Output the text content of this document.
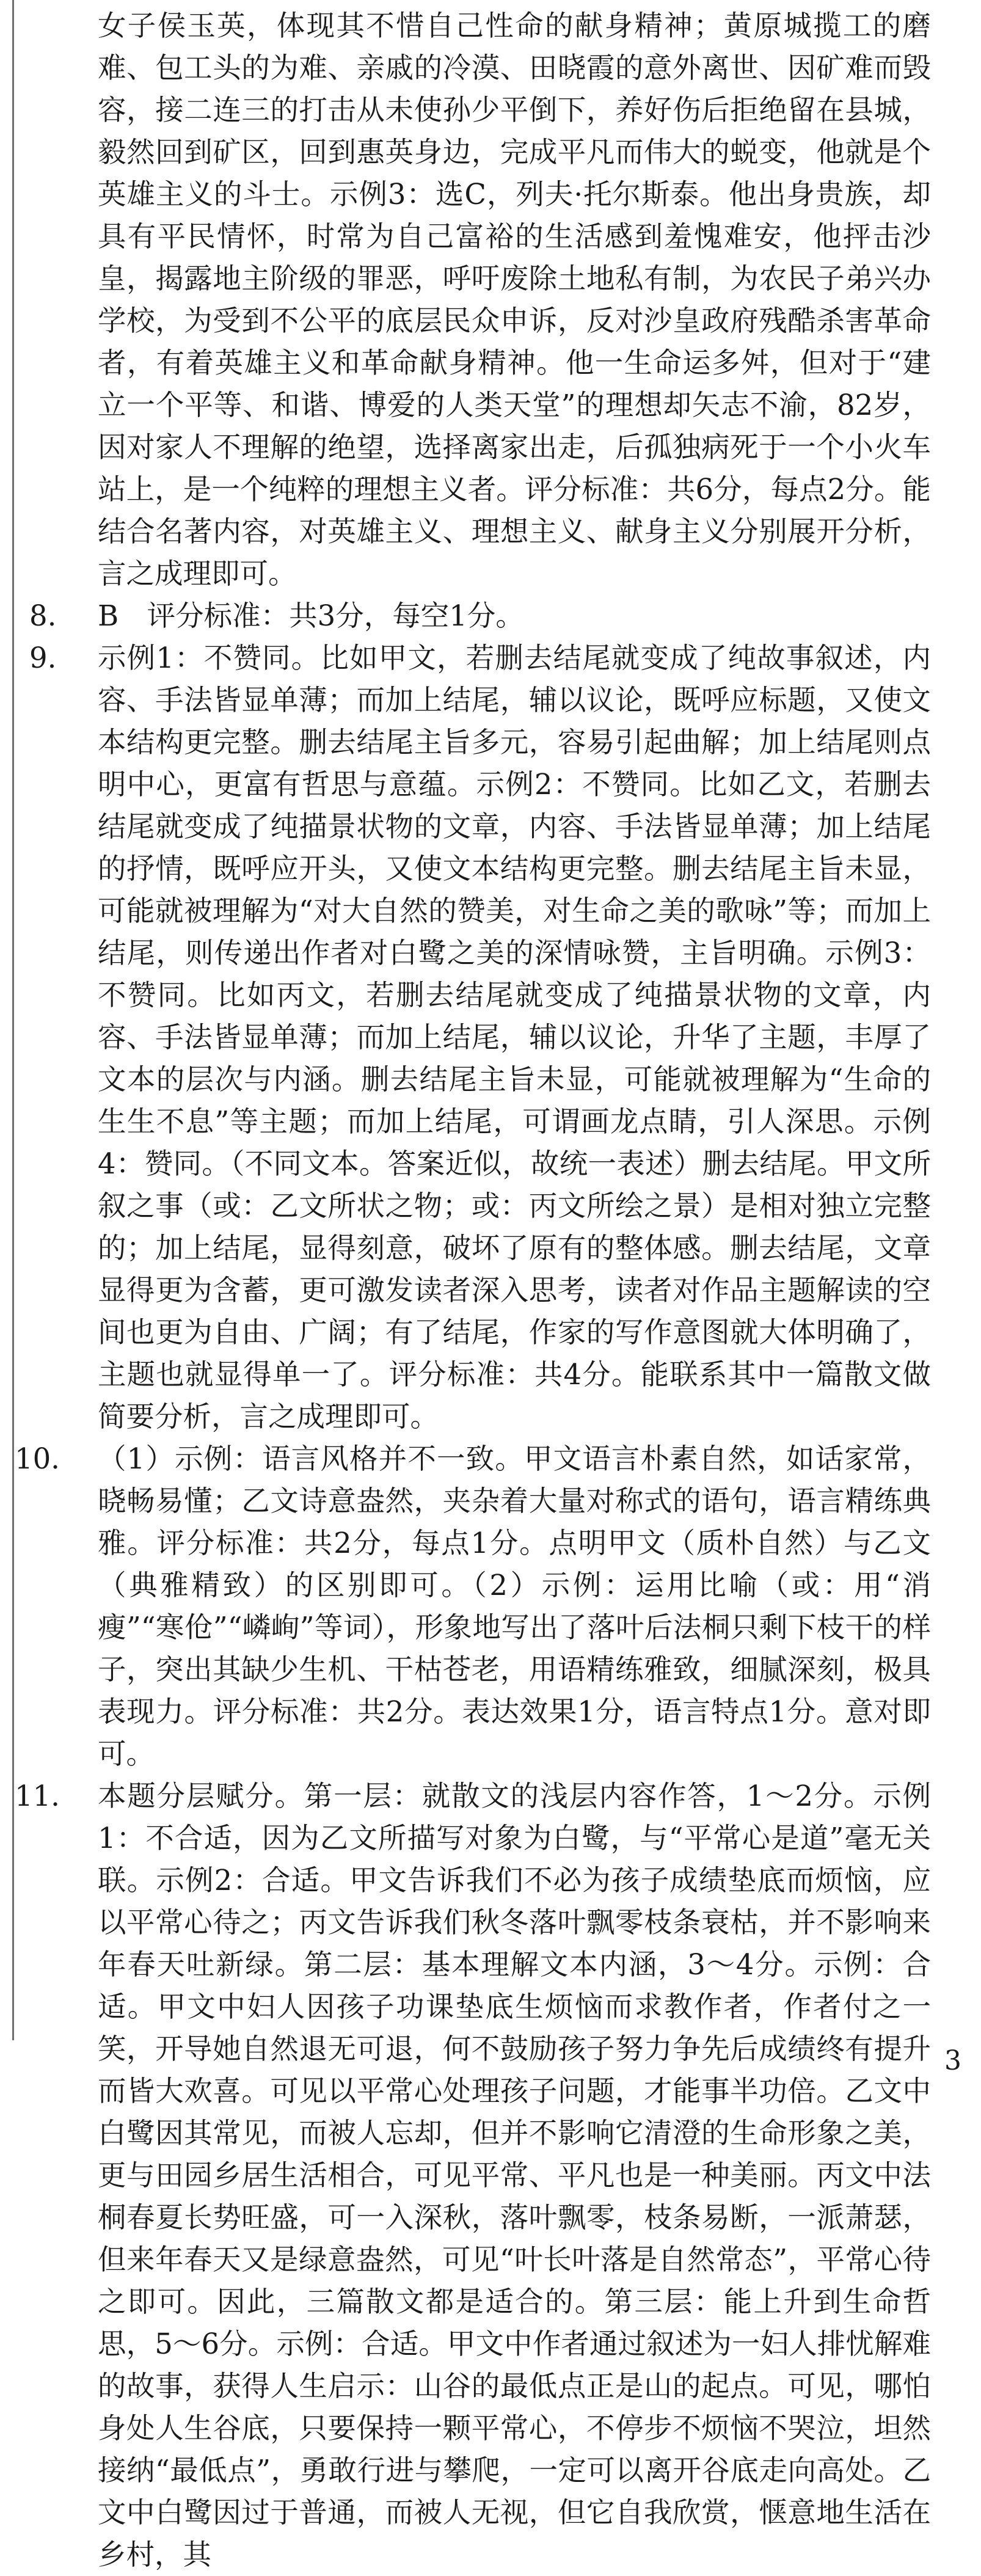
女子侯玉英，体现其不惜自己性命的献身精神；黄原城揽工的磨难、包工头的为难、亲戚的冷漠、田晓霞的意外离世、因矿难而毁容，接二连三的打击从未使孙少平倒下，养好伤后拒绝留在县城，毅然回到矿区，回到惠英身边，完成平凡而伟大的蜕变，他就是个英雄主义的斗士。示例3：选C，列夫·托尔斯泰。他出身贵族，却具有平民情怀，时常为自己富裕的生活感到羞愧难安，他抨击沙皇，揭露地主阶级的罪恶，呼吁废除土地私有制，为农民子弟兴办学校，为受到不公平的底层民众申诉，反对沙皇政府残酷杀害革命者，有着英雄主义和革命献身精神。他一生命运多舛，但对于“建立一个平等、和谐、博爱的人类天堂”的理想却矢志不渝，82岁，因对家人不理解的绝望，选择离家出走，后孤独病死于一个小火车站上，是一个纯粹的理想主义者。评分标准：共6分，每点2分。能结合名著内容，对英雄主义、理想主义、献身主义分别展开分析，言之成理即可。

8. B　评分标准：共3分，每空1分。
9. 示例1：不赞同。比如甲文，若删去结尾就变成了纯故事叙述，内容、手法皆显单薄；而加上结尾，辅以议论，既呼应标题，又使文本结构更完整。删去结尾主旨多元，容易引起曲解；加上结尾则点明中心，更富有哲思与意蕴。示例2：不赞同。比如乙文，若删去结尾就变成了纯描景状物的文章，内容、手法皆显单薄；加上结尾的抒情，既呼应开头，又使文本结构更完整。删去结尾主旨未显，可能就被理解为“对大自然的赞美，对生命之美的歌咏”等；而加上结尾，则传递出作者对白鹭之美的深情咏赞，主旨明确。示例3：不赞同。比如丙文，若删去结尾就变成了纯描景状物的文章，内容、手法皆显单薄；而加上结尾，辅以议论，升华了主题，丰厚了文本的层次与内涵。删去结尾主旨未显，可能就被理解为“生命的生生不息”等主题；而加上结尾，可谓画龙点睛，引人深思。示例4：赞同。（不同文本。答案近似，故统一表述）删去结尾。甲文所叙之事（或：乙文所状之物；或：丙文所绘之景）是相对独立完整的；加上结尾，显得刻意，破坏了原有的整体感。删去结尾，文章显得更为含蓄，更可激发读者深入思考，读者对作品主题解读的空间也更为自由、广阔；有了结尾，作家的写作意图就大体明确了，主题也就显得单一了。评分标准：共4分。能联系其中一篇散文做简要分析，言之成理即可。
10. （1）示例：语言风格并不一致。甲文语言朴素自然，如话家常，晓畅易懂；乙文诗意盎然，夹杂着大量对称式的语句，语言精练典雅。评分标准：共2分，每点1分。点明甲文（质朴自然）与乙文（典雅精致）的区别即可。（2）示例：运用比喻（或：用“消瘦”“寒伧”“嶙峋”等词），形象地写出了落叶后法桐只剩下枝干的样子，突出其缺少生机、干枯苍老，用语精练雅致，细腻深刻，极具表现力。评分标准：共2分。表达效果1分，语言特点1分。意对即可。
11. 本题分层赋分。第一层：就散文的浅层内容作答，1～2分。示例1：不合适，因为乙文所描写对象为白鹭，与“平常心是道”毫无关联。示例2：合适。甲文告诉我们不必为孩子成绩垫底而烦恼，应以平常心待之；丙文告诉我们秋冬落叶飘零枝条衰枯，并不影响来年春天吐新绿。第二层：基本理解文本内涵，3～4分。示例：合适。甲文中妇人因孩子功课垫底生烦恼而求教作者，作者付之一笑，开导她自然退无可退，何不鼓励孩子努力争先后成绩终有提升而皆大欢喜。可见以平常心处理孩子问题，才能事半功倍。乙文中白鹭因其常见，而被人忘却，但并不影响它清澄的生命形象之美，更与田园乡居生活相合，可见平常、平凡也是一种美丽。丙文中法桐春夏长势旺盛，可一入深秋，落叶飘零，枝条易断，一派萧瑟，但来年春天又是绿意盎然，可见“叶长叶落是自然常态”，平常心待之即可。因此，三篇散文都是适合的。第三层：能上升到生命哲思，5～6分。示例：合适。甲文中作者通过叙述为一妇人排忧解难的故事，获得人生启示：山谷的最低点正是山的起点。可见，哪怕身处人生谷底，只要保持一颗平常心，不停步不烦恼不哭泣，坦然接纳“最低点”，勇敢行进与攀爬，一定可以离开谷底走向高处。乙文中白鹭因过于普通，而被人无视，但它自我欣赏，惬意地生活在乡村，其
3
